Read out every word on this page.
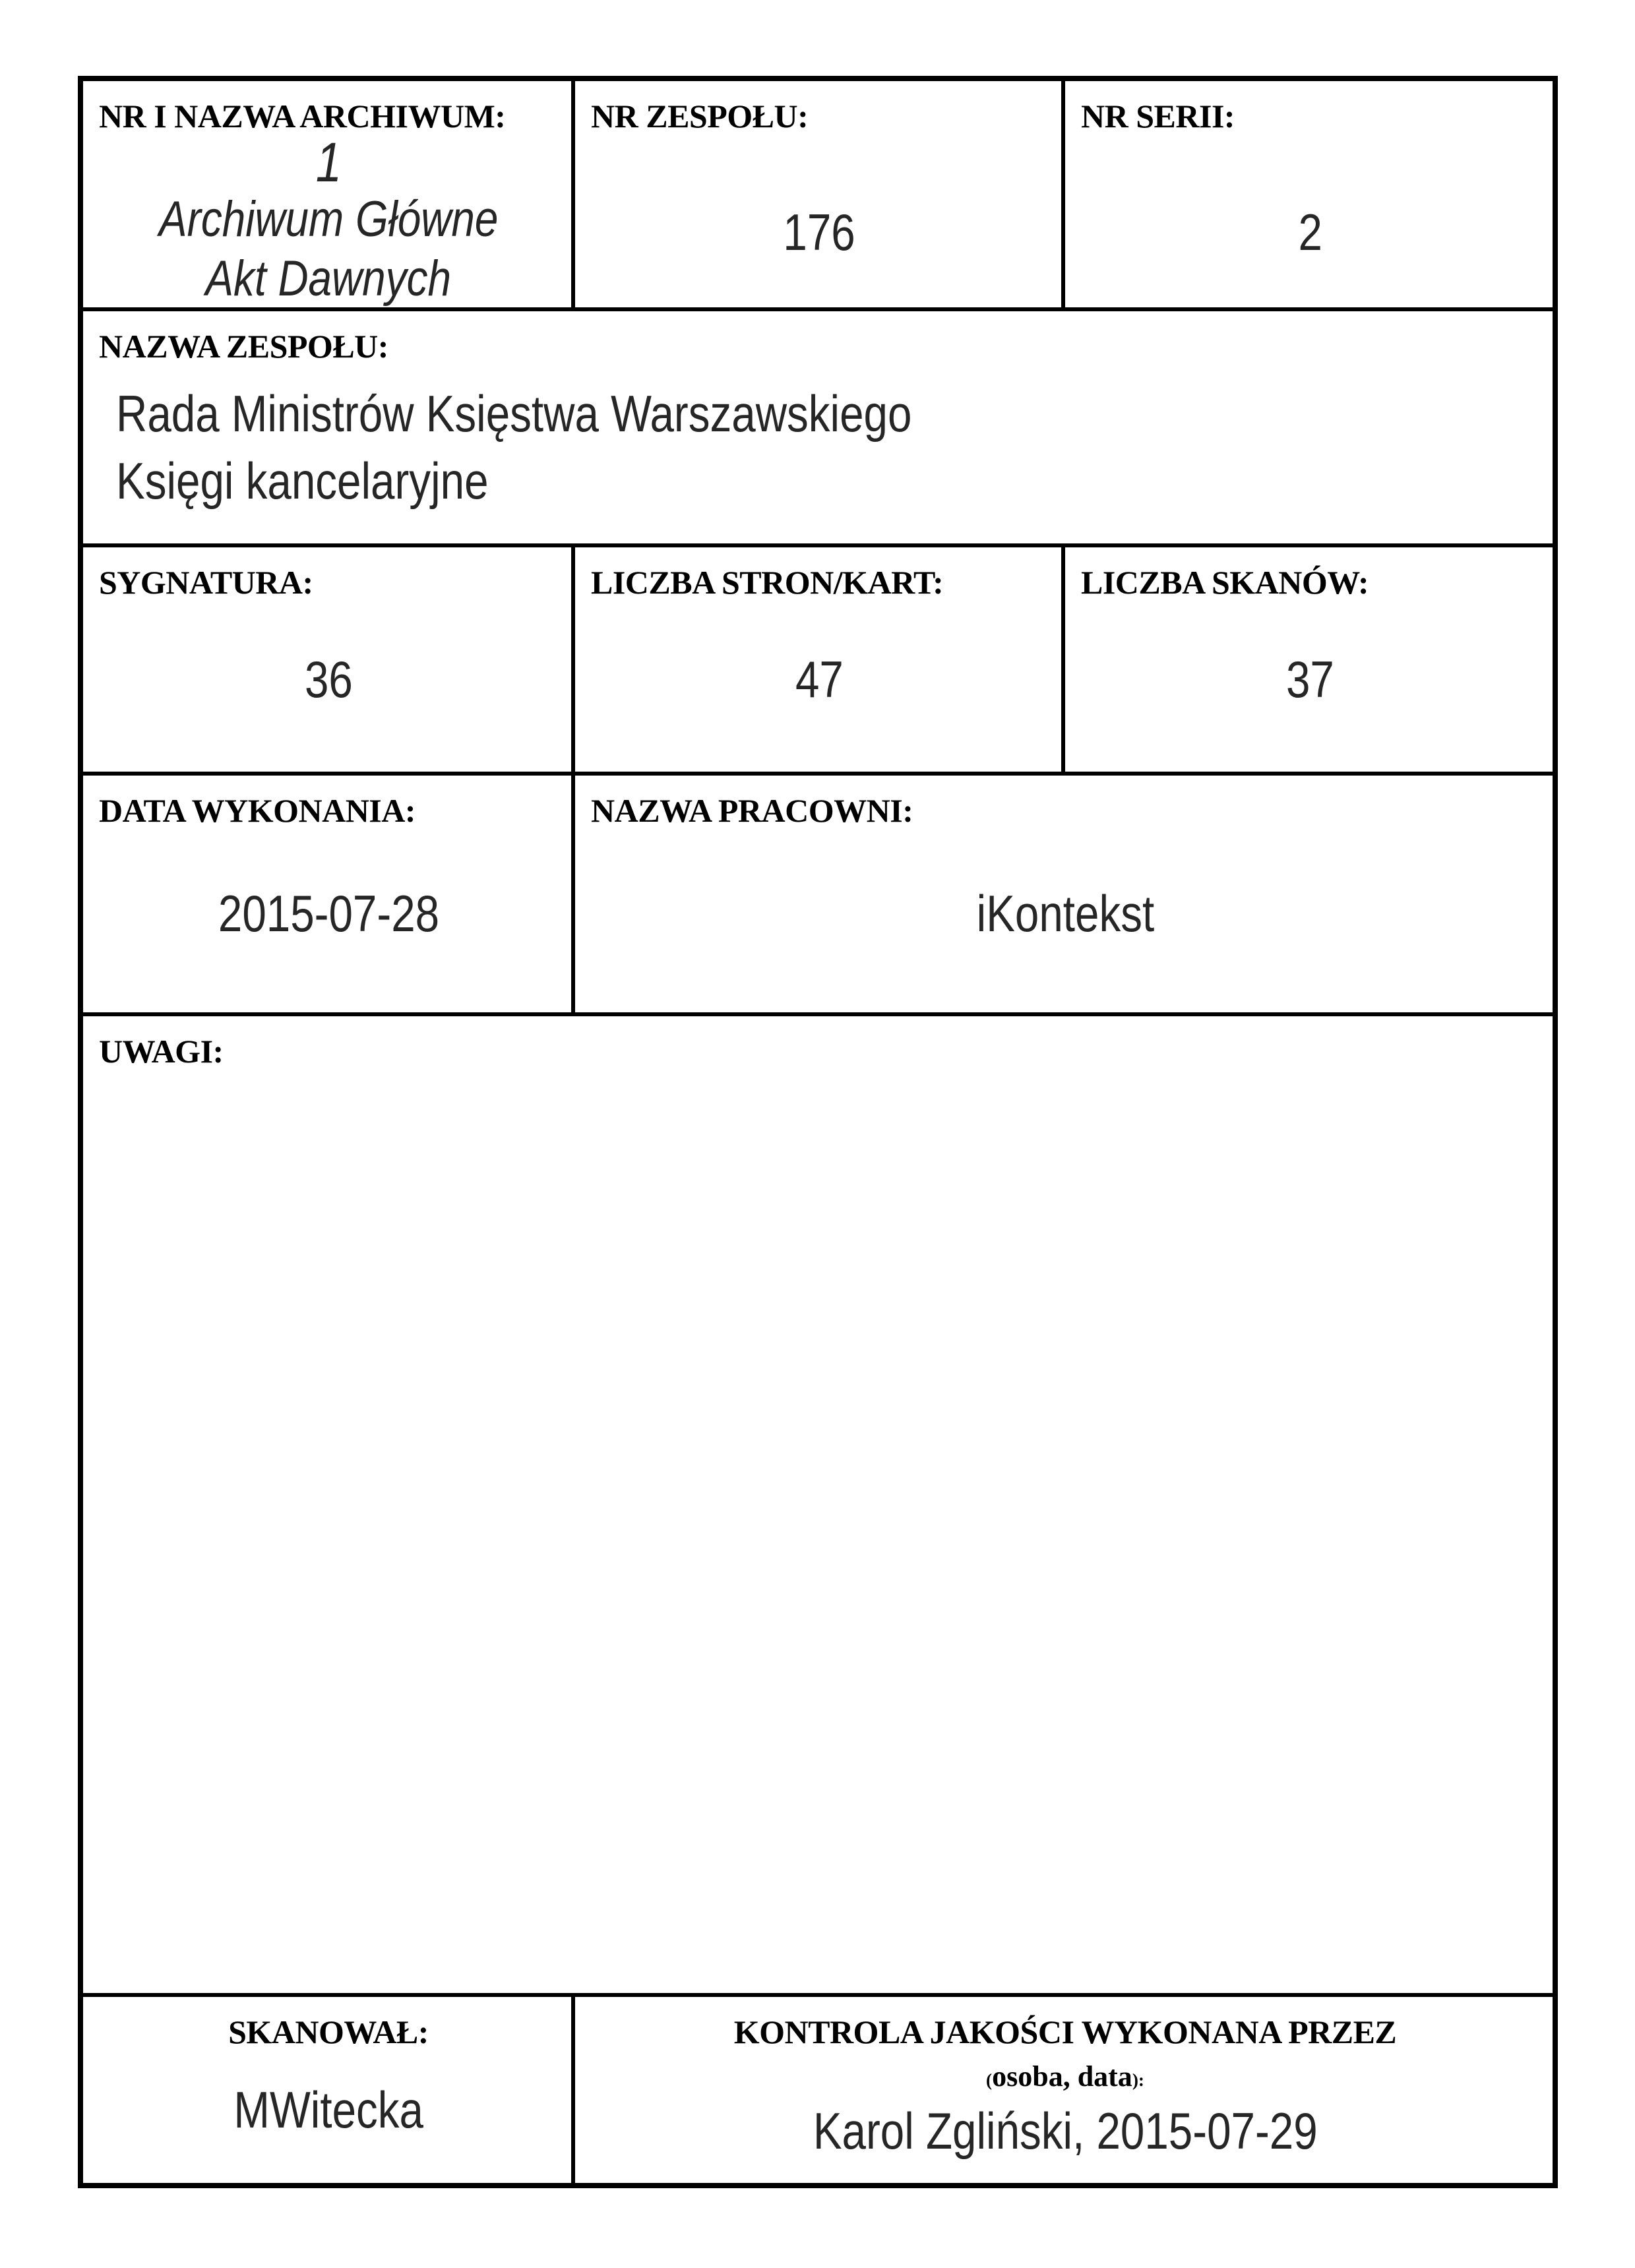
NR I NAZWA ARCHIWUM:
1
Archiwum Główne
Akt Dawnych
NR ZESPOŁU:
176
NR SERII:
2
NAZWA ZESPOŁU:
Rada Ministrów Księstwa Warszawskiego
Księgi kancelaryjne
SYGNATURA:
36
LICZBA STRON/KART:
47
LICZBA SKANÓW:
37
DATA WYKONANIA:
2015-07-28
NAZWA PRACOWNI:
iKontekst
UWAGI:
SKANOWAŁ:
MWitecka
KONTROLA JAKOŚCI WYKONANA PRZEZ
(osoba, data):
Karol Zgliński, 2015-07-29
